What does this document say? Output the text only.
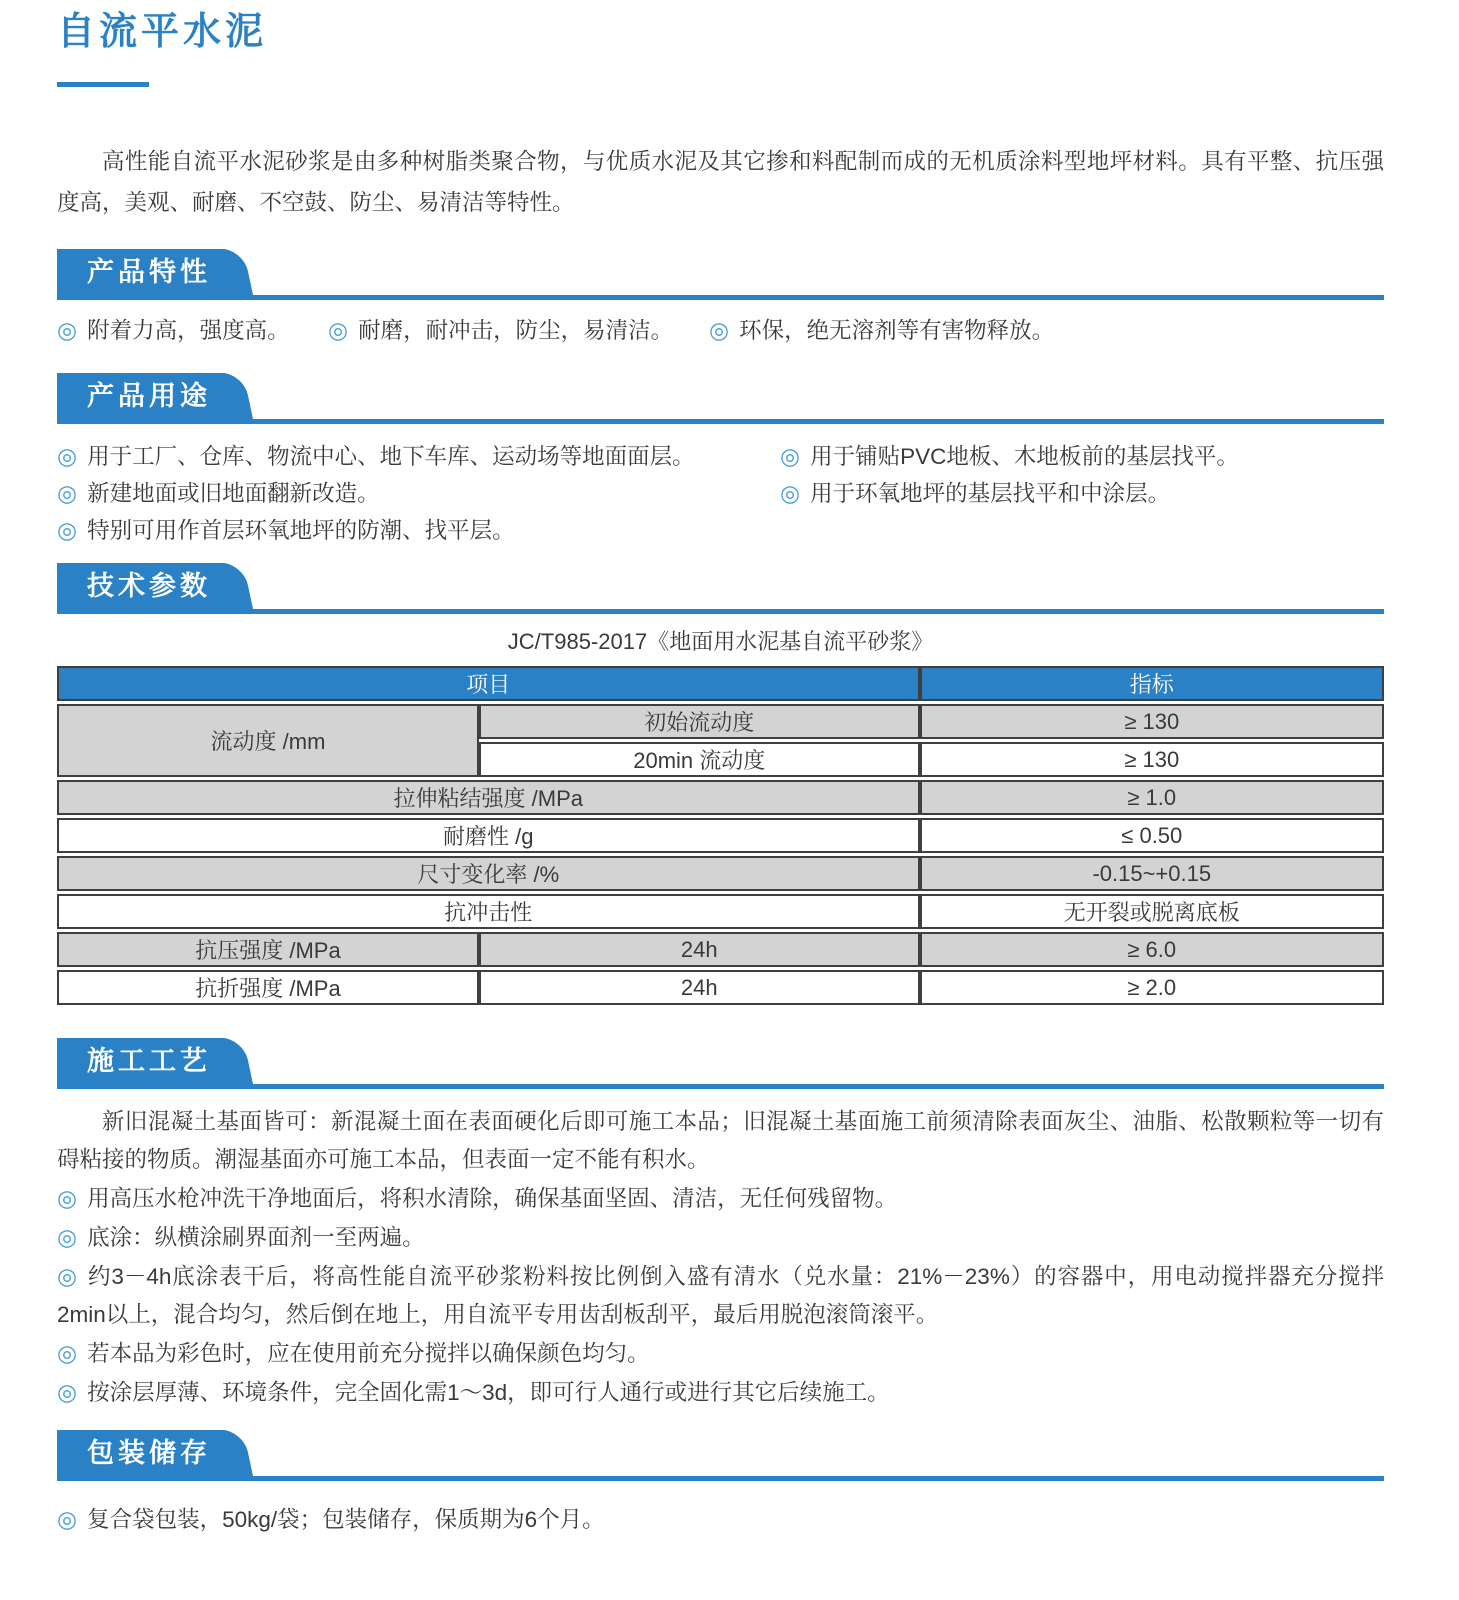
自流平水泥

高性能自流平水泥砂浆是由多种树脂类聚合物，与优质水泥及其它掺和料配制而成的无机质涂料型地坪材料。具有平整、抗压强度高，美观、耐磨、不空鼓、防尘、易清洁等特性。

产品特性

◎ 附着力高，强度高。	◎ 耐磨，耐冲击，防尘，易清洁。	◎ 环保，绝无溶剂等有害物释放。

产品用途

◎ 用于工厂、仓库、物流中心、地下车库、运动场等地面面层。	◎ 用于铺贴PVC地板、木地板前的基层找平。

◎ 新建地面或旧地面翻新改造。	◎ 用于环氧地坪的基层找平和中涂层。

◎ 特别可用作首层环氧地坪的防潮、找平层。

技术参数

JC/T985-2017《地面用水泥基自流平砂浆》

项目		指标
流动度 /mm	初始流动度	≥ 130
	20min 流动度	≥ 130
拉伸粘结强度 /MPa		≥ 1.0
耐磨性 /g		≤ 0.50
尺寸变化率 /%		-0.15~+0.15
抗冲击性		无开裂或脱离底板
抗压强度 /MPa	24h	≥ 6.0
抗折强度 /MPa	24h	≥ 2.0
施工工艺

新旧混凝土基面皆可：新混凝土面在表面硬化后即可施工本品；旧混凝土基面施工前须清除表面灰尘、油脂、松散颗粒等一切有碍粘接的物质。潮湿基面亦可施工本品，但表面一定不能有积水。

◎ 用高压水枪冲洗干净地面后，将积水清除，确保基面坚固、清洁，无任何残留物。

◎ 底涂：纵横涂刷界面剂一至两遍。

◎ 约3－4h底涂表干后，将高性能自流平砂浆粉料按比例倒入盛有清水（兑水量：21%－23%）的容器中，用电动搅拌器充分搅拌2min以上，混合均匀，然后倒在地上，用自流平专用齿刮板刮平，最后用脱泡滚筒滚平。

◎ 若本品为彩色时，应在使用前充分搅拌以确保颜色均匀。

◎ 按涂层厚薄、环境条件，完全固化需1～3d，即可行人通行或进行其它后续施工。

包装储存

◎ 复合袋包装，50kg/袋；包装储存，保质期为6个月。
